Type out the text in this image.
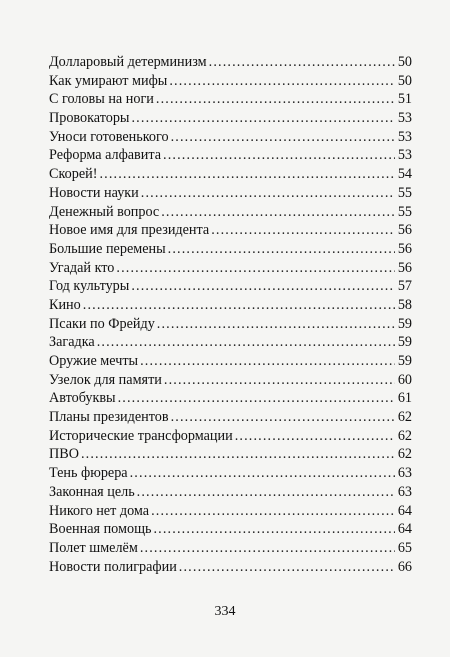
Долларовый детерминизм . . .	50
Как умирают мифы . . .	50
С головы на ноги . . .	51
Провокаторы . . .	53
Уноси готовенького . . .	53
Реформа алфавита . . .	53
Скорей! . . .	54
Новости науки . . .	55
Денежный вопрос . . .	55
Новое имя для президента . . .	56
Большие перемены . . .	56
Угадай кто . . .	56
Год культуры . . .	57
Кино . . .	58
Псаки по Фрейду . . .	59
Загадка . . .	59
Оружие мечты . . .	59
Узелок для памяти . . .	60
Автобуквы . . .	61
Планы президентов . . .	62
Исторические трансформации . . .	62
ПВО . . .	62
Тень фюрера . . .	63
Законная цель . . .	63
Никого нет дома . . .	64
Военная помощь . . .	64
Полет шмелём . . .	65
Новости полиграфии . . .	66
334
